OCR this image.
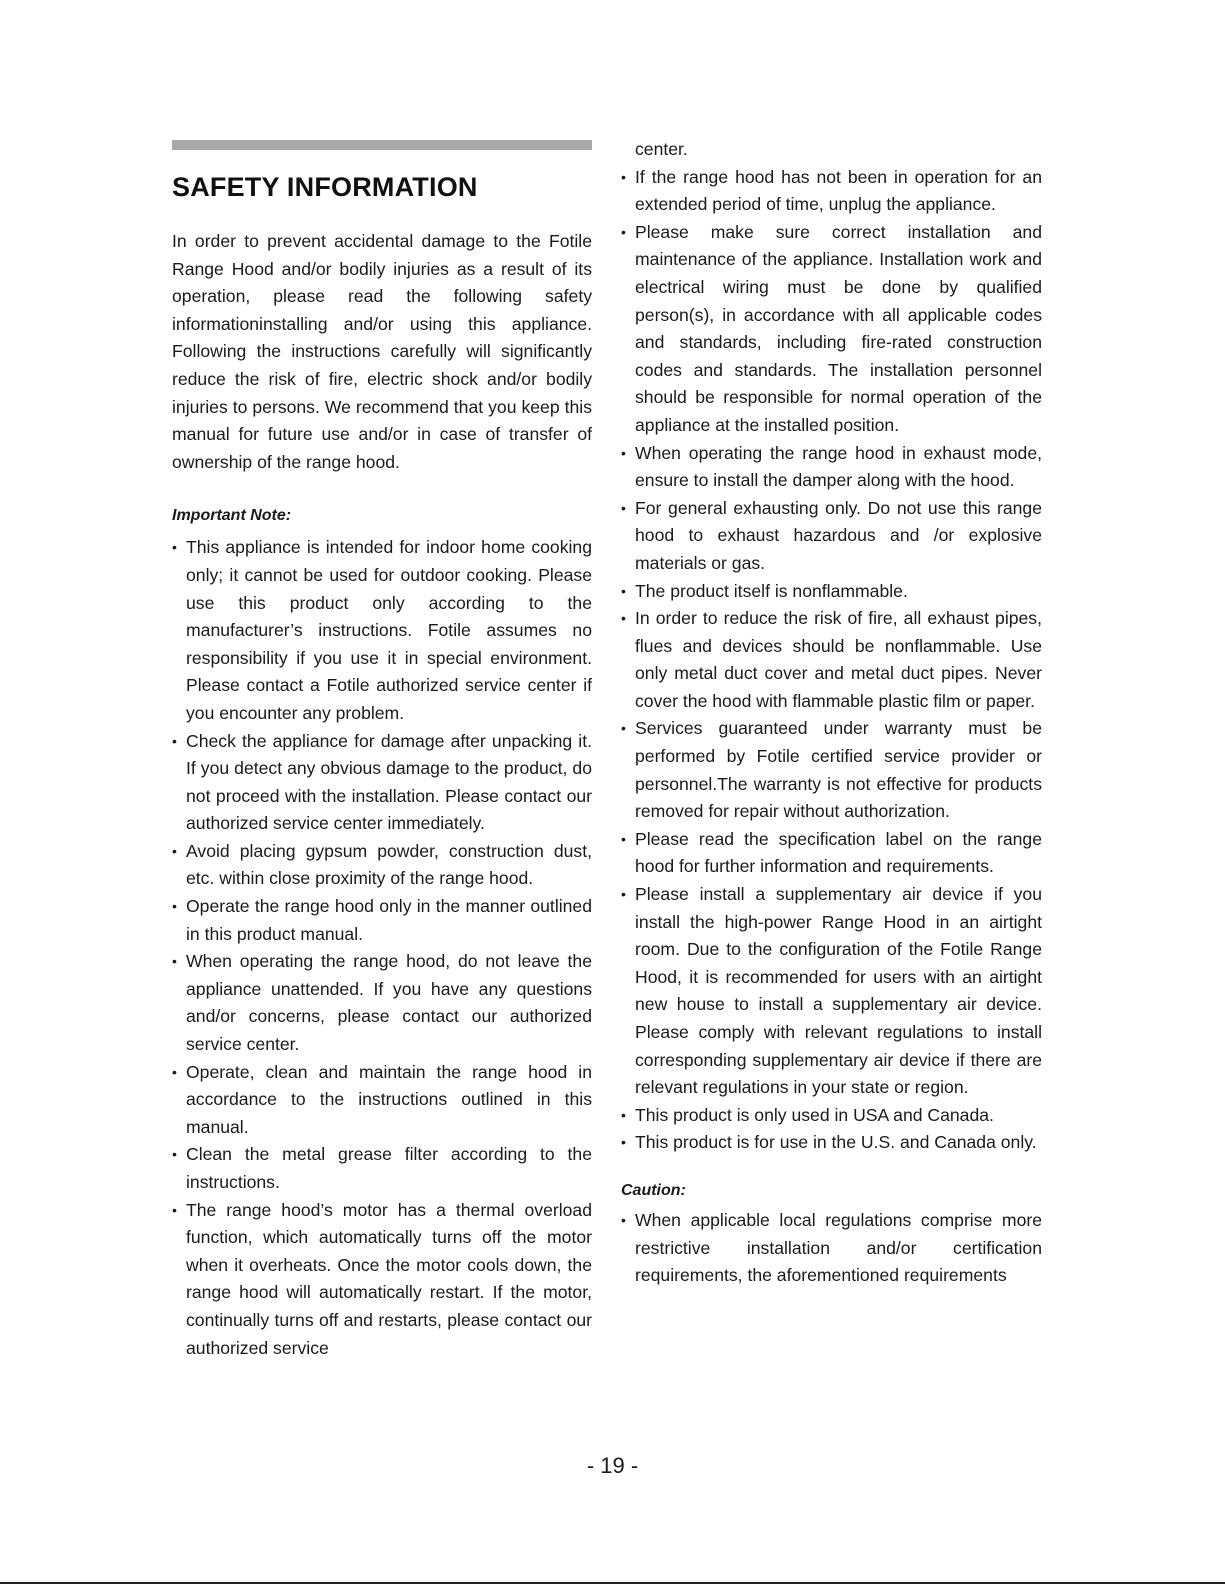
SAFETY INFORMATION

In order to prevent accidental damage to the Fotile Range Hood and/or bodily injuries as a result of its operation, please read the following safety informationinstalling and/or using this appliance. Following the instructions carefully will significantly reduce the risk of fire, electric shock and/or bodily injuries to persons. We recommend that you keep this manual for future use and/or in case of transfer of ownership of the range hood.

Important Note:
• This appliance is intended for indoor home cooking only; it cannot be used for outdoor cooking. Please use this product only according to the manufacturer’s instructions. Fotile assumes no responsibility if you use it in special environment. Please contact a Fotile authorized service center if you encounter any problem.
• Check the appliance for damage after unpacking it. If you detect any obvious damage to the product, do not proceed with the installation. Please contact our authorized service center immediately.
• Avoid placing gypsum powder, construction dust, etc. within close proximity of the range hood.
• Operate the range hood only in the manner outlined in this product manual.
• When operating the range hood, do not leave the appliance unattended. If you have any questions and/or concerns, please contact our authorized service center.
• Operate, clean and maintain the range hood in accordance to the instructions outlined in this manual.
• Clean the metal grease filter according to the instructions.
• The range hood’s motor has a thermal overload function, which automatically turns off the motor when it overheats. Once the motor cools down, the range hood will automatically restart. If the motor, continually turns off and restarts, please contact our authorized service
center.
• If the range hood has not been in operation for an extended period of time, unplug the appliance.
• Please make sure correct installation and maintenance of the appliance. Installation work and electrical wiring must be done by qualified person(s), in accordance with all applicable codes and standards, including fire-rated construction codes and standards. The installation personnel should be responsible for normal operation of the appliance at the installed position.
• When operating the range hood in exhaust mode, ensure to install the damper along with the hood.
• For general exhausting only. Do not use this range hood to exhaust hazardous and /or explosive materials or gas.
• The product itself is nonflammable.
• In order to reduce the risk of fire, all exhaust pipes, flues and devices should be nonflammable. Use only metal duct cover and metal duct pipes. Never cover the hood with flammable plastic film or paper.
• Services guaranteed under warranty must be performed by Fotile certified service provider or personnel.The warranty is not effective for products removed for repair without authorization.
• Please read the specification label on the range hood for further information and requirements.
• Please install a supplementary air device if you install the high-power Range Hood in an airtight room. Due to the configuration of the Fotile Range Hood, it is recommended for users with an airtight new house to install a supplementary air device. Please comply with relevant regulations to install corresponding supplementary air device if there are relevant regulations in your state or region.
• This product is only used in USA and Canada.
• This product is for use in the U.S. and Canada only.
Caution:
• When applicable local regulations comprise more restrictive installation and/or certification requirements, the aforementioned requirements
- 19 -
